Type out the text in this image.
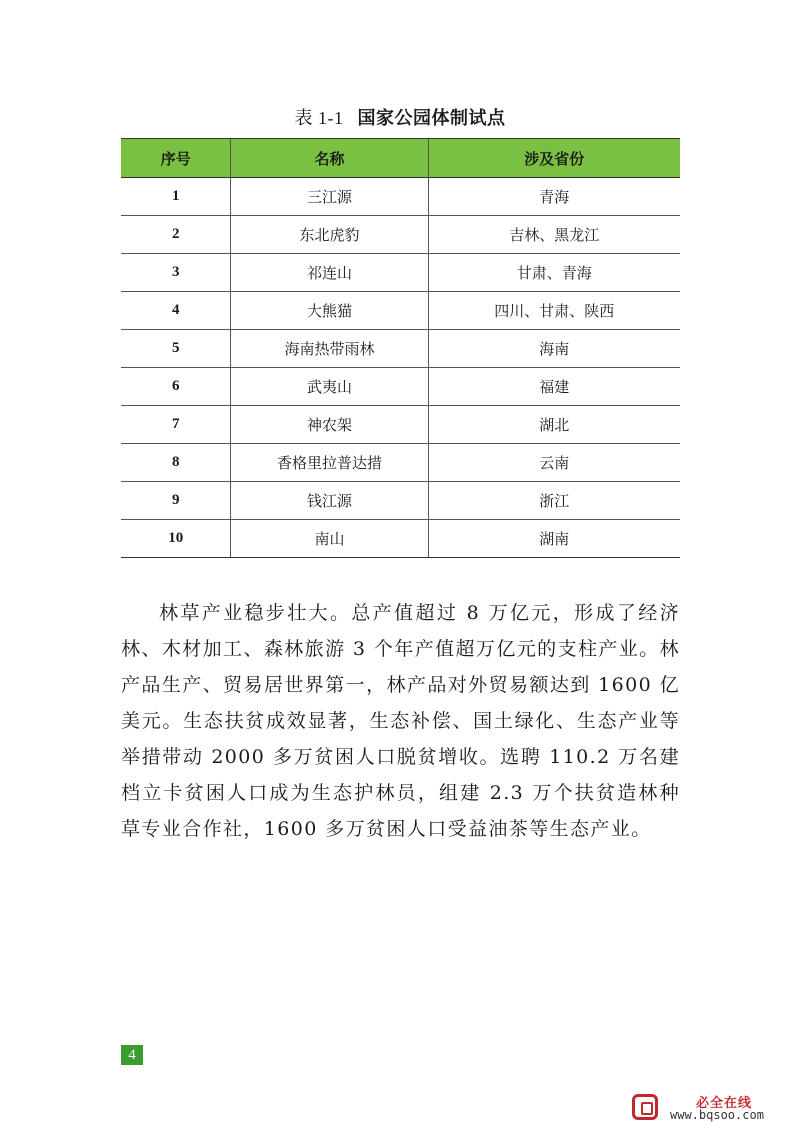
表 1-1 国家公园体制试点
序号	名称	涉及省份
1	三江源	青海
2	东北虎豹	吉林、黑龙江
3	祁连山	甘肃、青海
4	大熊猫	四川、甘肃、陕西
5	海南热带雨林	海南
6	武夷山	福建
7	神农架	湖北
8	香格里拉普达措	云南
9	钱江源	浙江
10	南山	湖南

林草产业稳步壮大。总产值超过 8 万亿元，形成了经济林、木材加工、森林旅游 3 个年产值超万亿元的支柱产业。林产品生产、贸易居世界第一，林产品对外贸易额达到 1600 亿美元。生态扶贫成效显著，生态补偿、国土绿化、生态产业等举措带动 2000 多万贫困人口脱贫增收。选聘 110.2 万名建档立卡贫困人口成为生态护林员，组建 2.3 万个扶贫造林种草专业合作社，1600 多万贫困人口受益油茶等生态产业。

4
必全在线
www.bqsoo.com
